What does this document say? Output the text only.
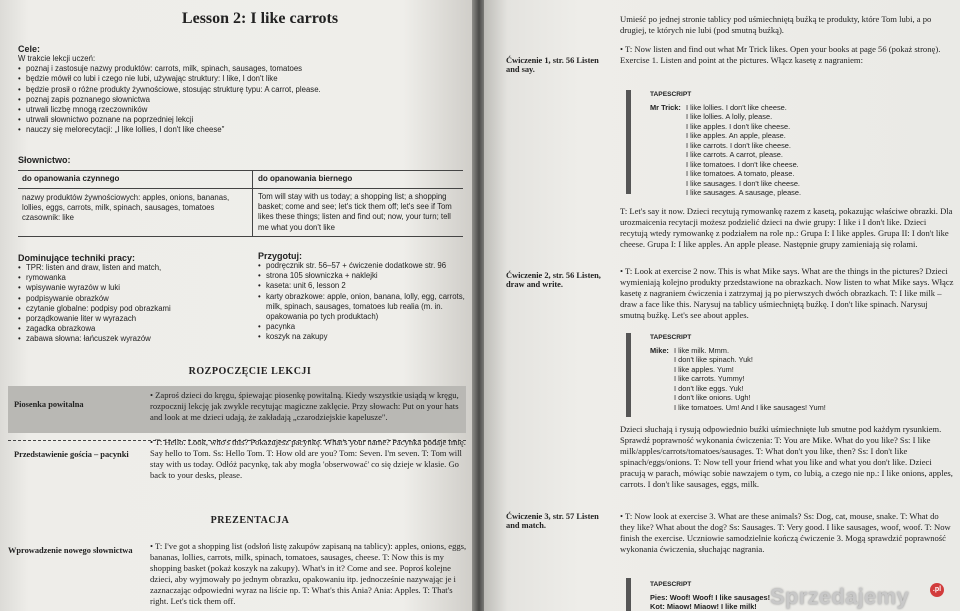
Lesson 2: I like carrots
Cele:
W trakcie lekcji uczeń:
• poznaj i zastosuje nazwy produktów: carrots, milk, spinach, sausages, tomatoes
• będzie mówił co lubi i czego nie lubi, używając struktury: I like, I don't like
• będzie prosił o różne produkty żywnościowe, stosując strukturę typu: A carrot, please.
• poznaj zapis poznanego słownictwa
• utrwali liczbę mnogą rzeczowników
• utrwali słownictwo poznane na poprzedniej lekcji
• nauczy się melorecytacji: „I like lollies, I don't like cheese"
Słownictwo:
do opanowania czynnego	do opanowania biernego
nazwy produktów żywnościowych: apples, onions, bananas, lollies, eggs, carrots, milk, spinach, sausages, tomatoes czasownik: like
Tom will stay with us today; a shopping list; a shopping basket; come and see; let's tick them off; let's see if Tom likes these things; listen and find out; now, your turn; tell me what you don't like
Dominujące techniki pracy:
• TPR: listen and draw, listen and match,
• rymowanka
• wpisywanie wyrazów w luki
• podpisywanie obrazków
• czytanie globalne: podpisy pod obrazkami
• porządkowanie liter w wyrazach
• zagadka obrazkowa
• zabawa słowna: łańcuszek wyrazów
Przygotuj:
• podręcznik str. 56–57 + ćwiczenie dodatkowe str. 96
• strona 105 słowniczka + naklejki
• kaseta: unit 6, lesson 2
• karty obrazkowe: apple, onion, banana, lolly, egg, carrots, milk, spinach, sausages, tomatoes lub realia (m. in. opakowania po tych produktach)
• pacynka
• koszyk na zakupy
ROZPOCZĘCIE LEKCJI
Piosenka powitalna
• Zaproś dzieci do kręgu, śpiewając piosenkę powitalną. Kiedy wszystkie usiądą w kręgu, rozpocznij lekcję jak zwykle recytując magiczne zaklęcie. Przy słowach: Put on your hats and look at me dzieci udają, że zakładają „czarodziejskie kapelusze".
Przedstawienie gościa – pacynki
• T: Hello. Look, who's this? Pokazujesz pacynkę. What's your name? Pacynka podaje imię. Say hello to Tom. Ss: Hello Tom. T: How old are you? Tom: Seven. I'm seven. T: Tom will stay with us today. Odłóż pacynkę, tak aby mogła 'obserwować' co się dzieje w klasie. Go back to your desks, please.
PREZENTACJA
Wprowadzenie nowego słownictwa	• T: I've got a shopping list (odsłoń listę zakupów zapisaną na tablicy): apples, onions, eggs, bananas, lollies, carrots, milk, spinach, tomatoes, sausages, cheese. T: Now this is my shopping basket (pokaż koszyk na zakupy). What's in it? Come and see. Poproś kolejne dzieci, aby wyjmowały po jednym obrazku, opakowaniu itp. jednocześnie nazywając je i zaznaczając odpowiedni wyraz na liście np. T: What's this Ania? Ania: Apples. T: That's right. Let's tick them off.
Umieść po jednej stronie tablicy pod uśmiechniętą buźką te produkty, które Tom lubi, a po drugiej, te których nie lubi (pod smutną buźką).
Ćwiczenie 1, str. 56 Listen and say.
• T: Now listen and find out what Mr Trick likes. Open your books at page 56 (pokaż stronę). Exercise 1. Listen and point at the pictures. Włącz kasetę z nagraniem:
TAPESCRIPT
Mr Trick: I like lollies. I don't like cheese.
I like lollies. A lolly, please.
I like apples. I don't like cheese.
I like apples. An apple, please.
I like carrots. I don't like cheese.
I like carrots. A carrot, please.
I like tomatoes. I don't like cheese.
I like tomatoes. A tomato, please.
I like sausages. I don't like cheese.
I like sausages. A sausage, please.
T: Let's say it now. Dzieci recytują rymowankę razem z kasetą, pokazując właściwe obrazki. Dla urozmaicenia recytacji możesz podzielić dzieci na dwie grupy: I like i I don't like. Dzieci recytują wtedy rymowankę z podziałem na role np.: Grupa I: I like apples. Grupa II: I don't like cheese. Grupa I: I like apples. An apple please. Następnie grupy zamieniają się rolami.
Ćwiczenie 2, str. 56 Listen, draw and write.
• T: Look at exercise 2 now. This is what Mike says. What are the things in the pictures? Dzieci wymieniają kolejno produkty przedstawione na obrazkach. Now listen to what Mike says. Włącz kasetę z nagraniem ćwiczenia i zatrzymaj ją po pierwszych dwóch obrazkach. T: I like milk – draw a face like this. Narysuj na tablicy uśmiechniętą buźkę. I don't like spinach. Narysuj smutną buźkę. Let's see about apples.
TAPESCRIPT
Mike: I like milk. Mmm.
I don't like spinach. Yuk!
I like apples. Yum!
I like carrots. Yummy!
I don't like eggs. Yuk!
I don't like onions. Ugh!
I like tomatoes. Um! And I like sausages! Yum!
Dzieci słuchają i rysują odpowiednio buźki uśmiechnięte lub smutne pod każdym rysunkiem. Sprawdź poprawność wykonania ćwiczenia: T: You are Mike. What do you like? Ss: I like milk/apples/carrots/tomatoes/sausages. T: What don't you like, then? Ss: I don't like spinach/eggs/onions. T: Now tell your friend what you like and what you don't like. Dzieci pracują w parach, mówiąc sobie nawzajem o tym, co lubią, a czego nie np.: I like onions, apples, carrots. I don't like sausages, eggs, milk.
Ćwiczenie 3, str. 57 Listen and match.
• T: Now look at exercise 3. What are these animals? Ss: Dog, cat, mouse, snake. T: What do they like? What about the dog? Ss: Sausages. T: Very good. I like sausages, woof, woof. T: Now finish the exercise. Uczniowie samodzielnie kończą ćwiczenie 3. Mogą sprawdzić poprawność wykonania ćwiczenia, słuchając nagrania.
TAPESCRIPT
Pies: Woof! Woof! I like sausages!
Kot: Miaow! Miaow! I like milk! Sprzedajemy	.pl
